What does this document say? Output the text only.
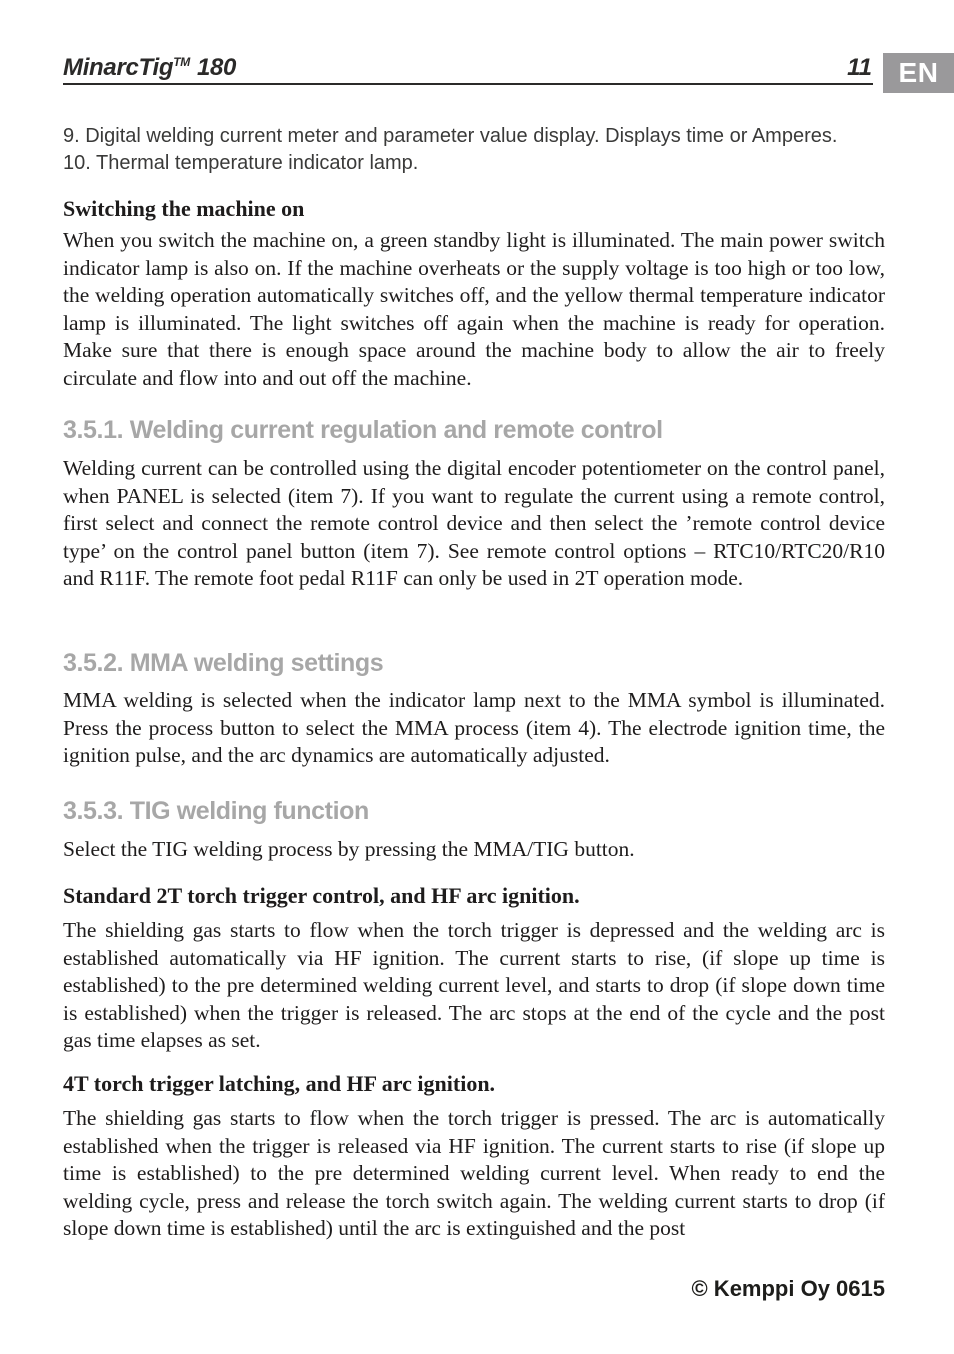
MinarcTig™ 180	11 EN
9. Digital welding current meter and parameter value display. Displays time or Amperes.
10. Thermal temperature indicator lamp.
Switching the machine on
When you switch the machine on, a green standby light is illuminated. The main power switch indicator lamp is also on. If the machine overheats or the supply voltage is too high or too low, the welding operation automatically switches off, and the yellow thermal temperature indicator lamp is illuminated. The light switches off again when the machine is ready for operation. Make sure that there is enough space around the machine body to allow the air to freely circulate and flow into and out off the machine.
3.5.1. Welding current regulation and remote control
Welding current can be controlled using the digital encoder potentiometer on the control panel, when PANEL is selected (item 7). If you want to regulate the current using a remote control, first select and connect the remote control device and then select the ’remote control device type’ on the control panel button (item 7). See remote control options – RTC10/RTC20/R10 and R11F. The remote foot pedal R11F can only be used in 2T operation mode.
3.5.2. MMA welding settings
MMA welding is selected when the indicator lamp next to the MMA symbol is illuminated. Press the process button to select the MMA process (item 4). The electrode ignition time, the ignition pulse, and the arc dynamics are automatically adjusted.
3.5.3. TIG welding function
Select the TIG welding process by pressing the MMA/TIG button.
Standard 2T torch trigger control, and HF arc ignition.
The shielding gas starts to flow when the torch trigger is depressed and the welding arc is established automatically via HF ignition. The current starts to rise, (if slope up time is established) to the pre determined welding current level, and starts to drop (if slope down time is established) when the trigger is released. The arc stops at the end of the cycle and the post gas time elapses as set.
4T torch trigger latching, and HF arc ignition.
The shielding gas starts to flow when the torch trigger is pressed. The arc is automatically established when the trigger is released via HF ignition. The current starts to rise (if slope up time is established) to the pre determined welding current level. When ready to end the welding cycle, press and release the torch switch again. The welding current starts to drop (if slope down time is established) until the arc is extinguished and the post
© Kemppi Oy 0615
